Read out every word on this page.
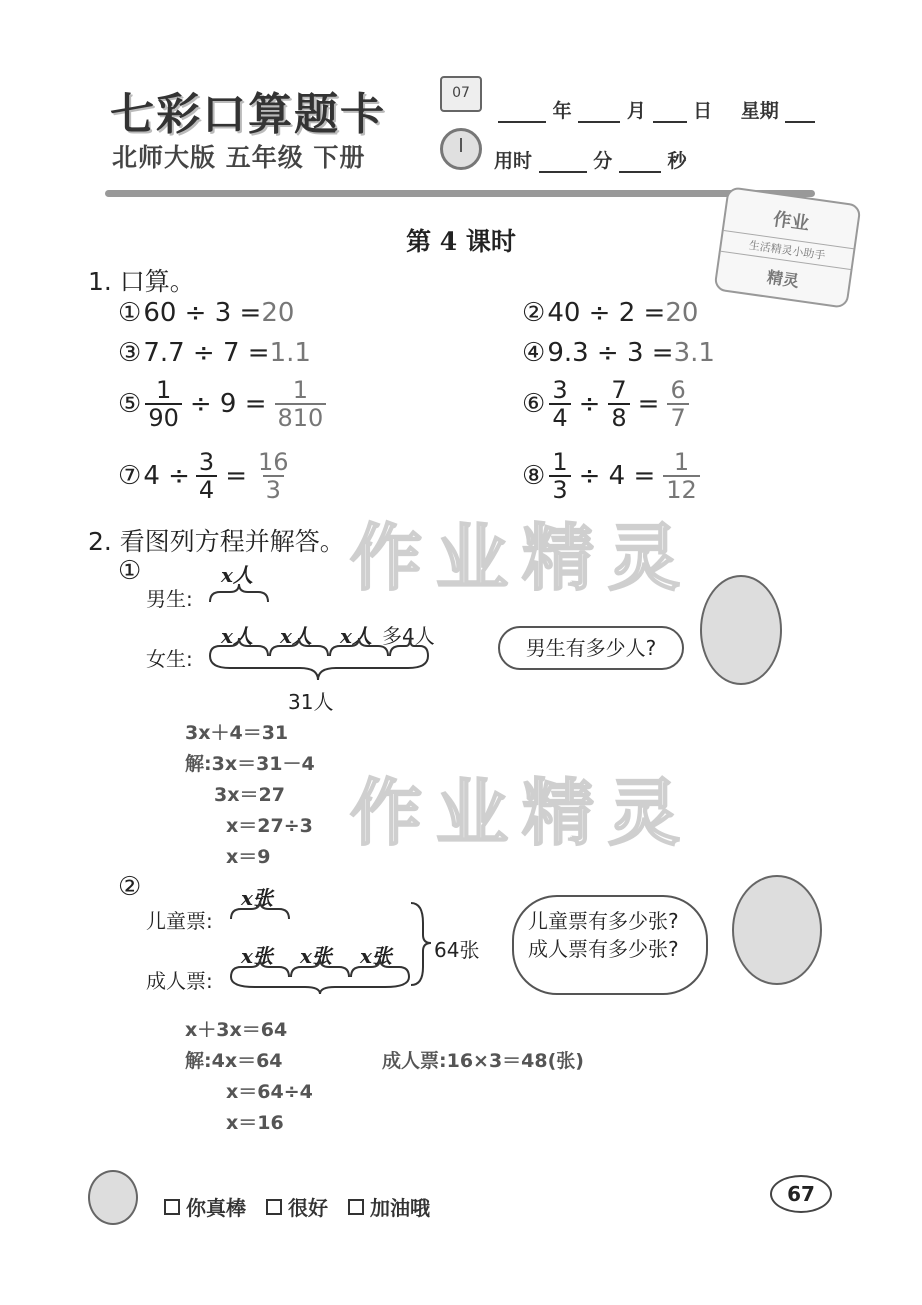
七彩口算题卡
北师大版 五年级 下册
07
年	月 日 星期
用时	分	秒
作业
生活精灵小助手
精灵
第 4 课时
作业精灵
作业精灵
1. 口算。
① 60 ÷ 3 = 20	② 40 ÷ 2 = 20
③ 7.7 ÷ 7 = 1.1	④ 9.3 ÷ 3 = 3.1
⑤ $\frac{1}{90} \div 9 = \frac{1}{810}$	⑥ $\frac{3}{4} \div \frac{7}{8} = \frac{6}{7}$
⑦ $4 \div \frac{3}{4} = \frac{16}{3}$	⑧ $\frac{1}{3} \div 4 = \frac{1}{12}$
2. 看图列方程并解答。
①
男生:
女生:
x人
x人 x人 x人 多4人
31人
男生有多少人?
3x＋4＝31
解:3x＝31－4
3x＝27
x＝27÷3
x＝9
②
儿童票:
成人票:
x张
x张 x张 x张 64张
儿童票有多少张? 成人票有多少张?
x＋3x＝64
解:4x＝64
x＝64÷4
x＝16
成人票:16×3＝48(张)
你真棒 很好 加油哦
67
